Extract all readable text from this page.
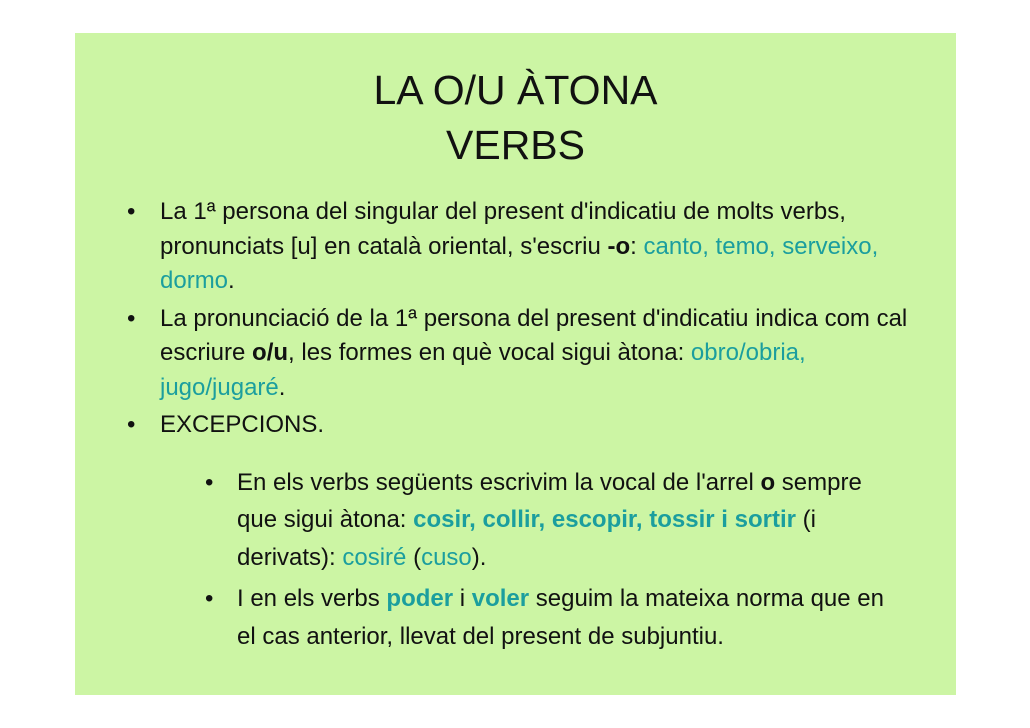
LA O/U ÀTONA
VERBS
• La 1ª persona del singular del present d'indicatiu de molts verbs, pronunciats [u] en català oriental, s'escriu -o: canto, temo, serveixo, dormo.
• La pronunciació de la 1ª persona del present d'indicatiu indica com cal escriure o/u, les formes en què vocal sigui àtona: obro/obria, jugo/jugaré.
• EXCEPCIONS.
• En els verbs següents escrivim la vocal de l'arrel o sempre que sigui àtona: cosir, collir, escopir, tossir i sortir (i derivats): cosiré (cuso).
• I en els verbs poder i voler seguim la mateixa norma que en el cas anterior, llevat del present de subjuntiu.
